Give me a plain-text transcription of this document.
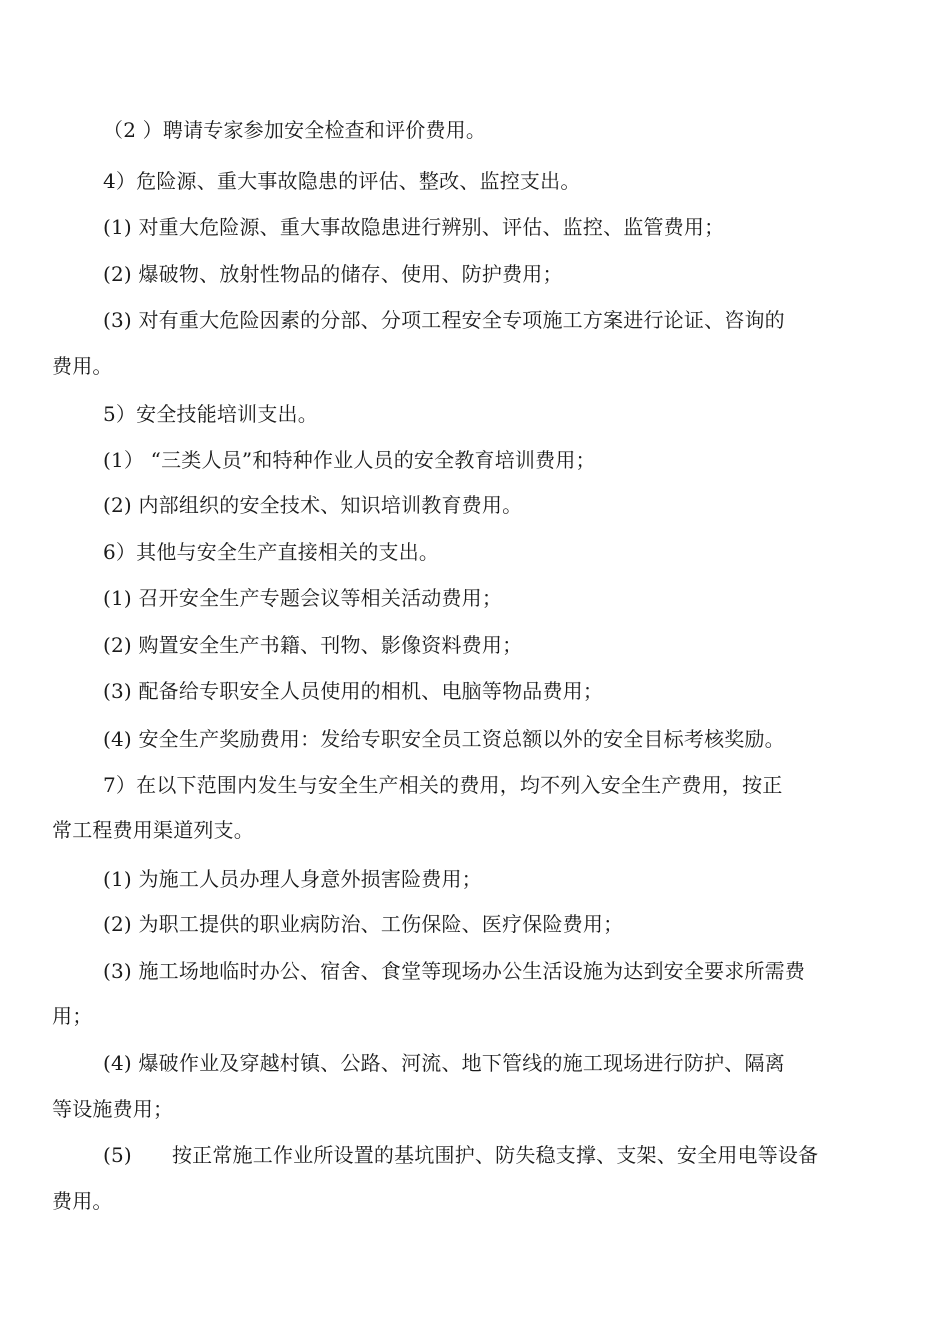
（2 ）聘请专家参加安全检查和评价费用。
4）危险源、重大事故隐患的评估、整改、监控支出。
(1) 对重大危险源、重大事故隐患进行辨别、评估、监控、监管费用；
(2) 爆破物、放射性物品的储存、使用、防护费用；
(3) 对有重大危险因素的分部、分项工程安全专项施工方案进行论证、咨询的
费用。
5）安全技能培训支出。
(1） “三类人员”和特种作业人员的安全教育培训费用；
(2) 内部组织的安全技术、知识培训教育费用。
6）其他与安全生产直接相关的支出。
(1) 召开安全生产专题会议等相关活动费用；
(2) 购置安全生产书籍、刊物、影像资料费用；
(3) 配备给专职安全人员使用的相机、电脑等物品费用；
(4) 安全生产奖励费用：发给专职安全员工资总额以外的安全目标考核奖励。
7）在以下范围内发生与安全生产相关的费用，均不列入安全生产费用，按正
常工程费用渠道列支。
(1) 为施工人员办理人身意外损害险费用；
(2) 为职工提供的职业病防治、工伤保险、医疗保险费用；
(3) 施工场地临时办公、宿舍、食堂等现场办公生活设施为达到安全要求所需费
用；
(4) 爆破作业及穿越村镇、公路、河流、地下管线的施工现场进行防护、隔离
等设施费用；
(5) 按正常施工作业所设置的基坑围护、防失稳支撑、支架、安全用电等设备
费用。
